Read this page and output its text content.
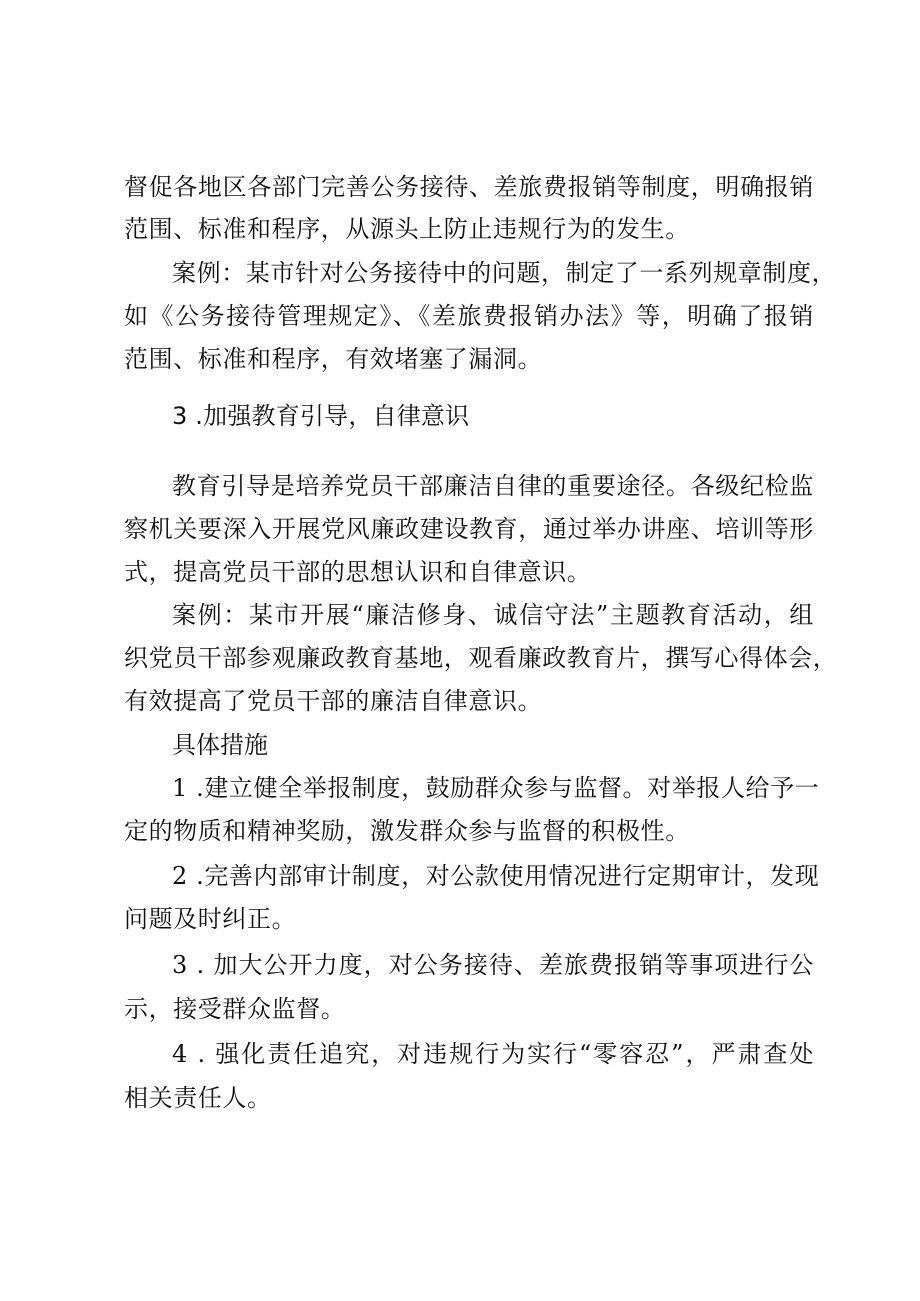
督促各地区各部门完善公务接待、差旅费报销等制度，明确报销
范围、标准和程序，从源头上防止违规行为的发生。
案例：某市针对公务接待中的问题，制定了一系列规章制度，
如《公务接待管理规定》、《差旅费报销办法》等，明确了报销
范围、标准和程序，有效堵塞了漏洞。
3 .加强教育引导，自律意识
教育引导是培养党员干部廉洁自律的重要途径。各级纪检监
察机关要深入开展党风廉政建设教育，通过举办讲座、培训等形
式，提高党员干部的思想认识和自律意识。
案例：某市开展“廉洁修身、诚信守法”主题教育活动，组
织党员干部参观廉政教育基地，观看廉政教育片，撰写心得体会，
有效提高了党员干部的廉洁自律意识。
具体措施
1 .建立健全举报制度，鼓励群众参与监督。对举报人给予一
定的物质和精神奖励，激发群众参与监督的积极性。
2 .完善内部审计制度，对公款使用情况进行定期审计，发现
问题及时纠正。
3 . 加大公开力度，对公务接待、差旅费报销等事项进行公
示，接受群众监督。
4 . 强化责任追究，对违规行为实行“零容忍”，严肃查处
相关责任人。
